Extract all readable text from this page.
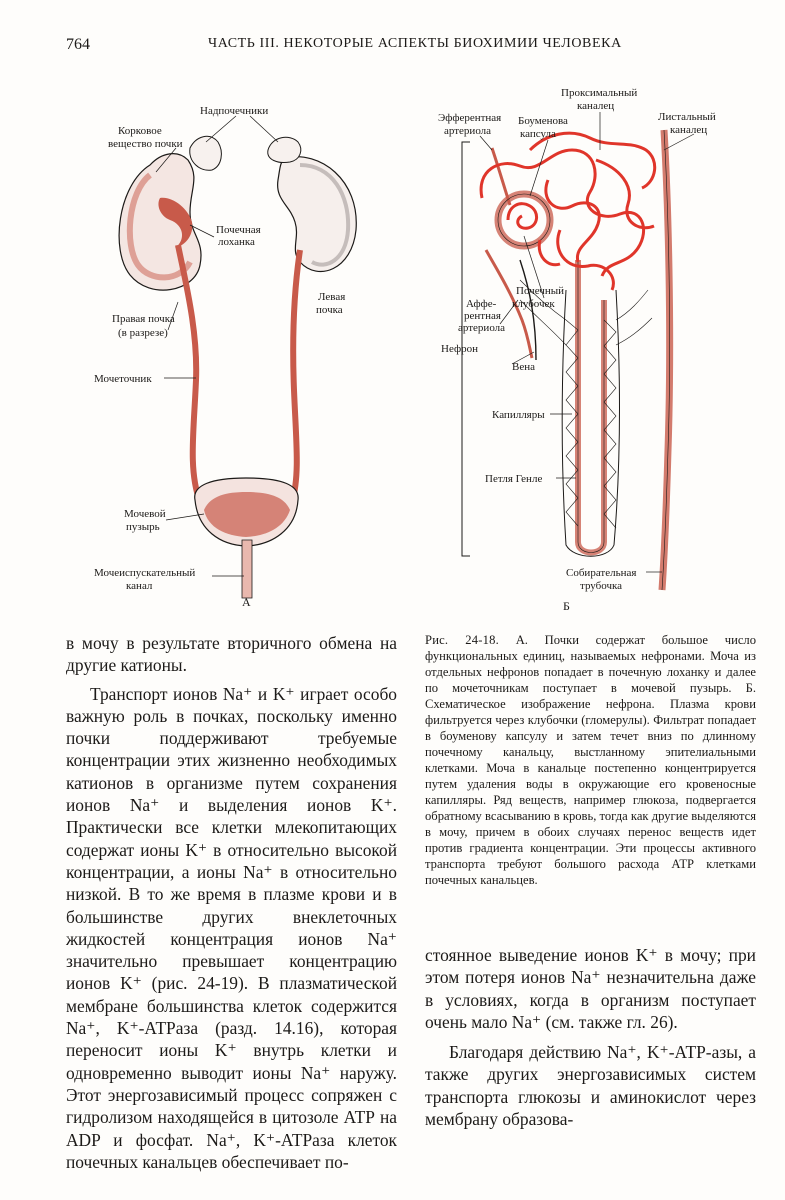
764	ЧАСТЬ III. НЕКОТОРЫЕ АСПЕКТЫ БИОХИМИИ ЧЕЛОВЕКА
Надпочечники
Корковое
вещество почки
Почечная
лоханка
Правая почка
(в разрезе)
Левая
почка
Мочеточник
Мочевой
пузырь
Мочеиспускательный
канал
А
Проксимальный
каналец
Эфферентная
артериола
Боуменова
капсула
Листальный
каналец
Почечный
клубочек
Аффе-
рентная
артериола
Нефрон
Вена
Капилляры
Петля Генле
Собирательная
трубочка
Б

в мочу в результате вторичного обмена на другие катионы.

Транспорт ионов Na⁺ и K⁺ играет особо важную роль в почках, поскольку именно почки поддерживают требуемые концентрации этих жизненно необходимых катионов в организме путем сохранения ионов Na⁺ и выделения ионов K⁺. Практически все клетки млекопитающих содержат ионы K⁺ в относительно высокой концентрации, а ионы Na⁺ в относительно низкой. В то же время в плазме крови и в большинстве других внеклеточных жидкостей концентрация ионов Na⁺ значительно превышает концентрацию ионов K⁺ (рис. 24-19). В плазматической мембране большинства клеток содержится Na⁺, K⁺-АТРаза (разд. 14.16), которая переносит ионы K⁺ внутрь клетки и одновременно выводит ионы Na⁺ наружу. Этот энергозависимый процесс сопряжен с гидролизом находящейся в цитозоле АТР на ADP и фосфат. Na⁺, K⁺-АТРаза клеток почечных канальцев обеспечивает по-

Рис. 24-18. А. Почки содержат большое число функциональных единиц, называемых нефронами. Моча из отдельных нефронов попадает в почечную лоханку и далее по мочеточникам поступает в мочевой пузырь. Б. Схематическое изображение нефрона. Плазма крови фильтруется через клубочки (гломерулы). Фильтрат попадает в боуменову капсулу и затем течет вниз по длинному почечному канальцу, выстланному эпителиальными клетками. Моча в канальце постепенно концентрируется путем удаления воды в окружающие его кровеносные капилляры. Ряд веществ, например глюкоза, подвергается обратному всасыванию в кровь, тогда как другие выделяются в мочу, причем в обоих случаях перенос веществ идет против градиента концентрации. Эти процессы активного транспорта требуют большого расхода АТР клетками почечных канальцев.

стоянное выведение ионов K⁺ в мочу; при этом потеря ионов Na⁺ незначительна даже в условиях, когда в организм поступает очень мало Na⁺ (см. также гл. 26).

Благодаря действию Na⁺, K⁺-АТР-азы, а также других энергозависимых систем транспорта глюкозы и аминокислот через мембрану образова-
